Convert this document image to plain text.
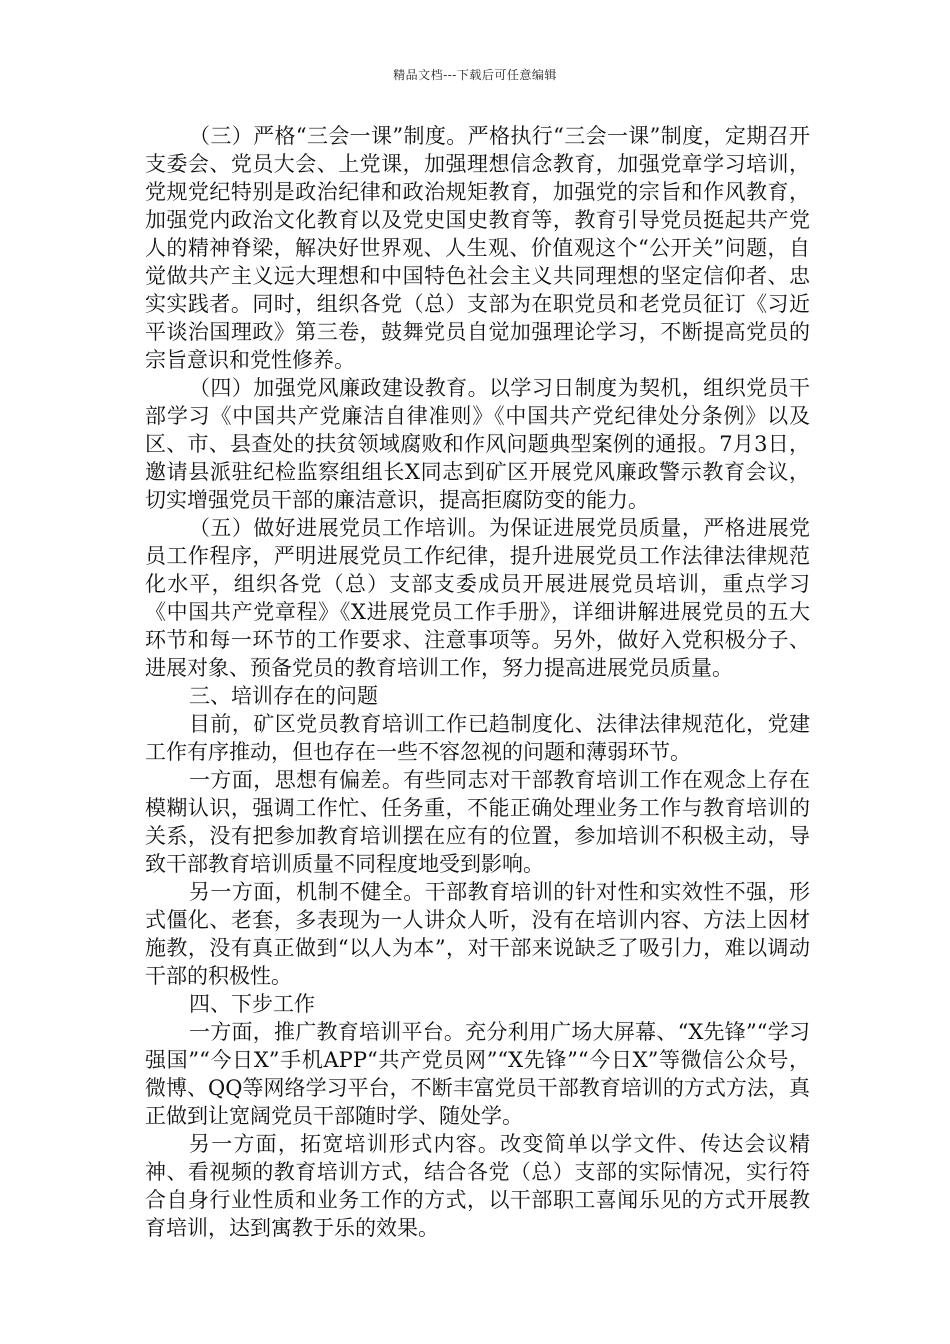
精品文档---下载后可任意编辑

（三）严格“三会一课”制度。严格执行“三会一课”制度，定期召开支委会、党员大会、上党课，加强理想信念教育，加强党章学习培训，党规党纪特别是政治纪律和政治规矩教育，加强党的宗旨和作风教育，加强党内政治文化教育以及党史国史教育等，教育引导党员挺起共产党人的精神脊梁，解决好世界观、人生观、价值观这个“公开关”问题，自觉做共产主义远大理想和中国特色社会主义共同理想的坚定信仰者、忠实实践者。同时，组织各党（总）支部为在职党员和老党员征订《习近平谈治国理政》第三卷，鼓舞党员自觉加强理论学习，不断提高党员的宗旨意识和党性修养。

（四）加强党风廉政建设教育。以学习日制度为契机，组织党员干部学习《中国共产党廉洁自律准则》《中国共产党纪律处分条例》以及区、市、县查处的扶贫领域腐败和作风问题典型案例的通报。7月3日，邀请县派驻纪检监察组组长X同志到矿区开展党风廉政警示教育会议，切实增强党员干部的廉洁意识，提高拒腐防变的能力。

（五）做好进展党员工作培训。为保证进展党员质量，严格进展党员工作程序，严明进展党员工作纪律，提升进展党员工作法律法律规范化水平，组织各党（总）支部支委成员开展进展党员培训，重点学习《中国共产党章程》《X进展党员工作手册》，详细讲解进展党员的五大环节和每一环节的工作要求、注意事项等。另外，做好入党积极分子、进展对象、预备党员的教育培训工作，努力提高进展党员质量。

三、培训存在的问题

目前，矿区党员教育培训工作已趋制度化、法律法律规范化，党建工作有序推动，但也存在一些不容忽视的问题和薄弱环节。

一方面，思想有偏差。有些同志对干部教育培训工作在观念上存在模糊认识，强调工作忙、任务重，不能正确处理业务工作与教育培训的关系，没有把参加教育培训摆在应有的位置，参加培训不积极主动，导致干部教育培训质量不同程度地受到影响。

另一方面，机制不健全。干部教育培训的针对性和实效性不强，形式僵化、老套，多表现为一人讲众人听，没有在培训内容、方法上因材施教，没有真正做到“以人为本”，对干部来说缺乏了吸引力，难以调动干部的积极性。

四、下步工作

一方面，推广教育培训平台。充分利用广场大屏幕、“X先锋”“学习强国”“今日X”手机APP“共产党员网”“X先锋”“今日X”等微信公众号，微博、QQ等网络学习平台，不断丰富党员干部教育培训的方式方法，真正做到让宽阔党员干部随时学、随处学。

另一方面，拓宽培训形式内容。改变简单以学文件、传达会议精神、看视频的教育培训方式，结合各党（总）支部的实际情况，实行符合自身行业性质和业务工作的方式，以干部职工喜闻乐见的方式开展教育培训，达到寓教于乐的效果。
